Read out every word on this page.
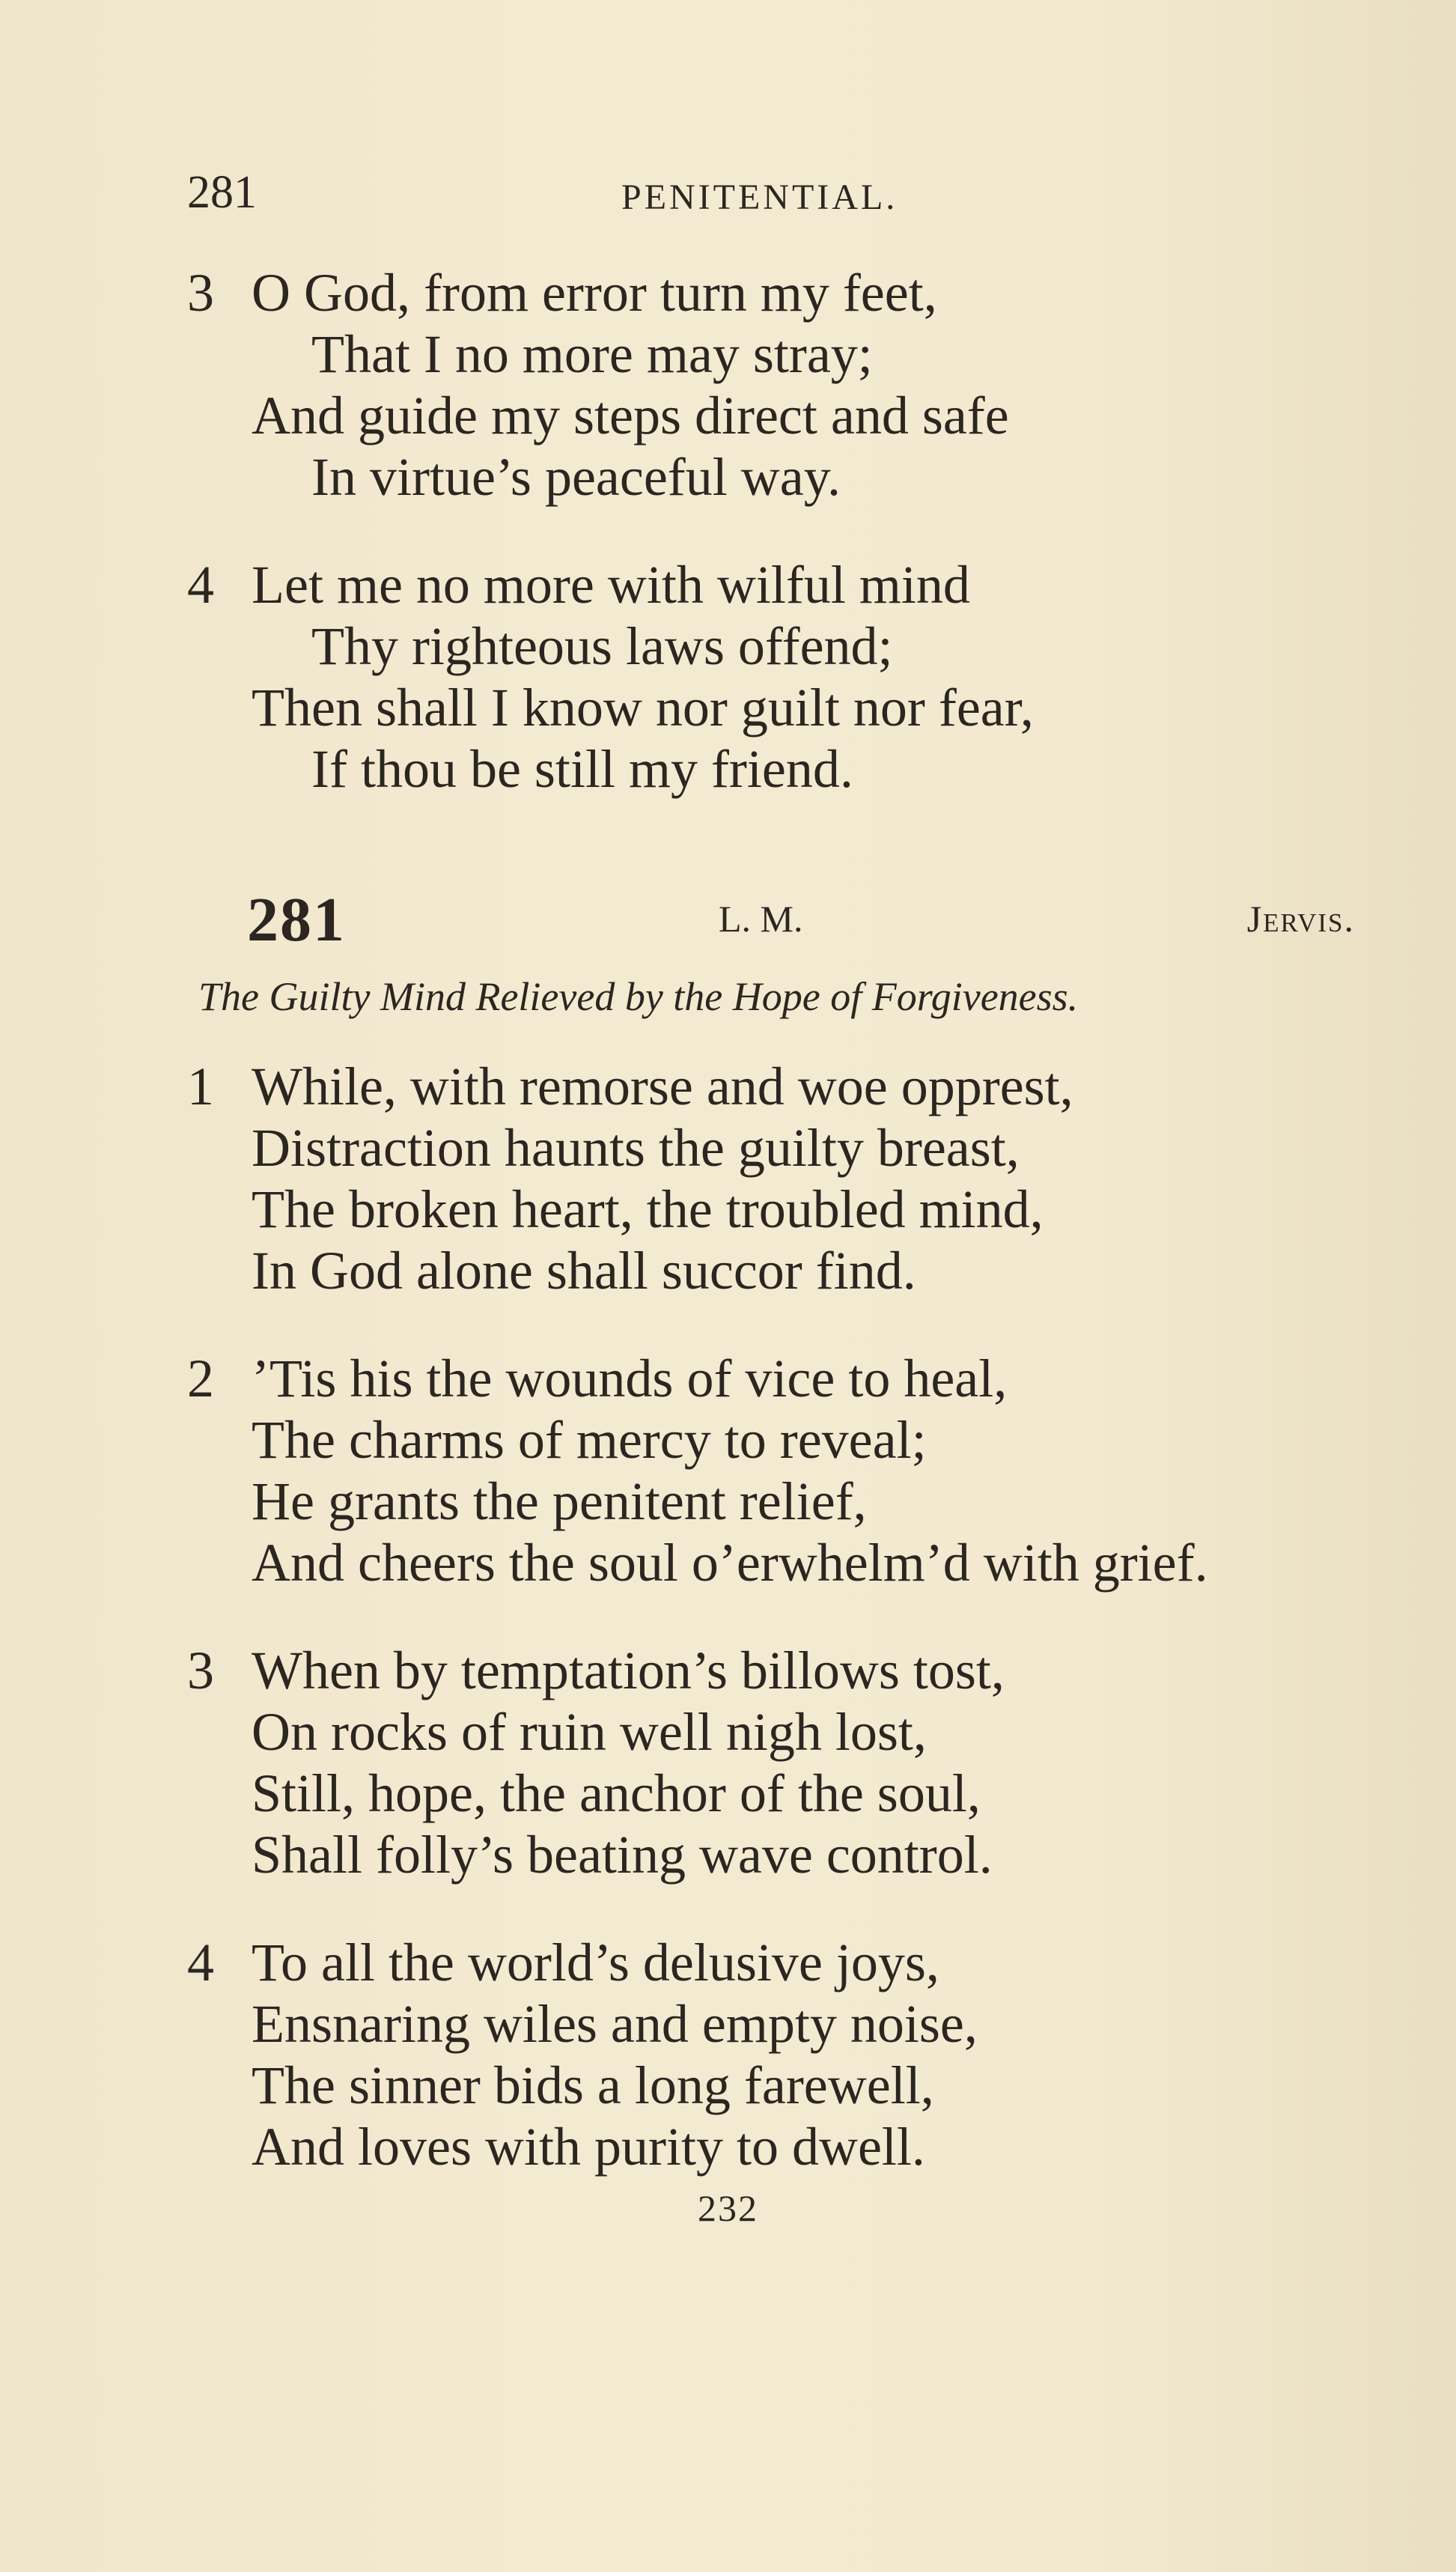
281	PENITENTIAL.
3 O God, from error turn my feet,
That I no more may stray;
And guide my steps direct and safe
In virtue’s peaceful way.
4 Let me no more with wilful mind
Thy righteous laws offend;
Then shall I know nor guilt nor fear,
If thou be still my friend.
281	L. M.	Jervis.
The Guilty Mind Relieved by the Hope of Forgiveness.
1 While, with remorse and woe opprest,
Distraction haunts the guilty breast,
The broken heart, the troubled mind,
In God alone shall succor find.
2 ’Tis his the wounds of vice to heal,
The charms of mercy to reveal;
He grants the penitent relief,
And cheers the soul o’erwhelm’d with grief.
3 When by temptation’s billows tost,
On rocks of ruin well nigh lost,
Still, hope, the anchor of the soul,
Shall folly’s beating wave control.
4 To all the world’s delusive joys,
Ensnaring wiles and empty noise,
The sinner bids a long farewell,
And loves with purity to dwell.
232
